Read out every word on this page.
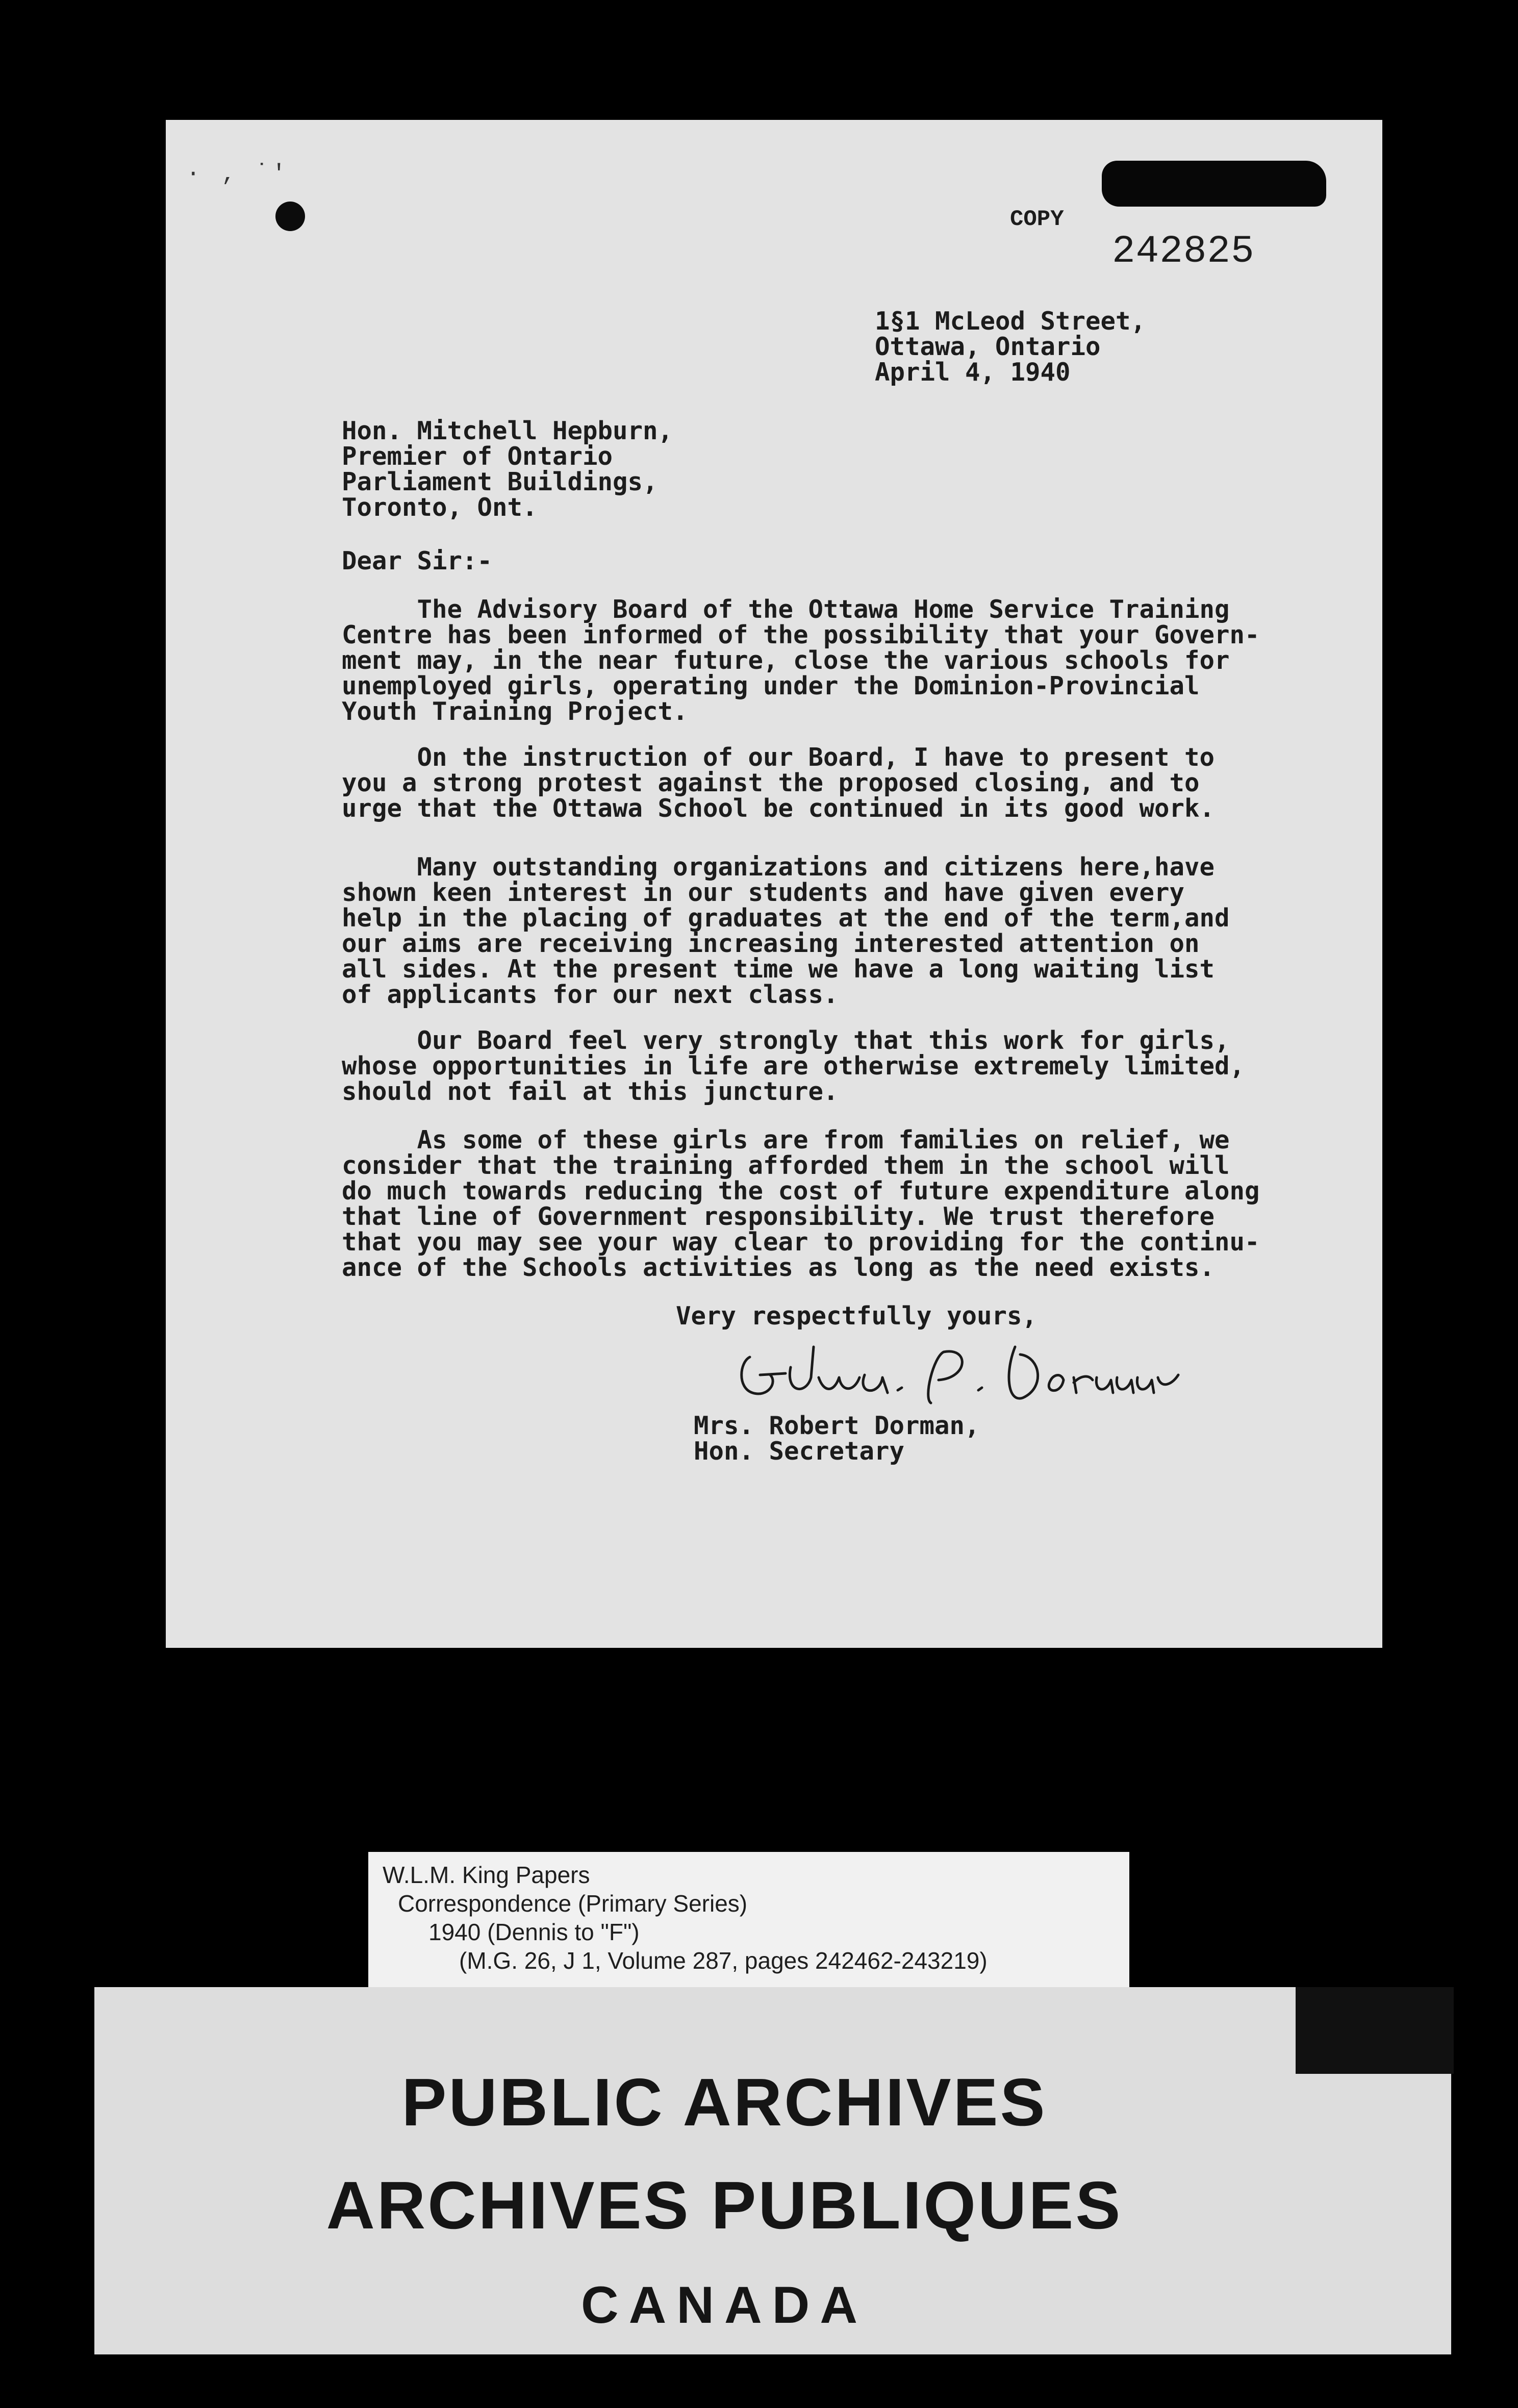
· ‚ ˙'
COPY
242825
1§1 McLeod Street,
Ottawa, Ontario
April 4, 1940
Hon. Mitchell Hepburn,
Premier of Ontario
Parliament Buildings,
Toronto, Ont.
Dear Sir:-
The Advisory Board of the Ottawa Home Service Training
Centre has been informed of the possibility that your Govern-
ment may, in the near future, close the various schools for
unemployed girls, operating under the Dominion-Provincial
Youth Training Project.
On the instruction of our Board, I have to present to
you a strong protest against the proposed closing, and to
urge that the Ottawa School be continued in its good work.
Many outstanding organizations and citizens here,have
shown keen interest in our students and have given every
help in the placing of graduates at the end of the term,and
our aims are receiving increasing interested attention on
all sides. At the present time we have a long waiting list
of applicants for our next class.
Our Board feel very strongly that this work for girls,
whose opportunities in life are otherwise extremely limited,
should not fail at this juncture.
As some of these girls are from families on relief, we
consider that the training afforded them in the school will
do much towards reducing the cost of future expenditure along
that line of Government responsibility. We trust therefore
that you may see your way clear to providing for the continu-
ance of the Schools activities as long as the need exists.
Very respectfully yours,
Mrs. Robert Dorman,
Hon. Secretary
W.L.M. King Papers
Correspondence (Primary Series)
1940 (Dennis to "F")
(M.G. 26, J 1, Volume 287, pages 242462-243219)
PUBLIC ARCHIVES
ARCHIVES PUBLIQUES
CANADA
